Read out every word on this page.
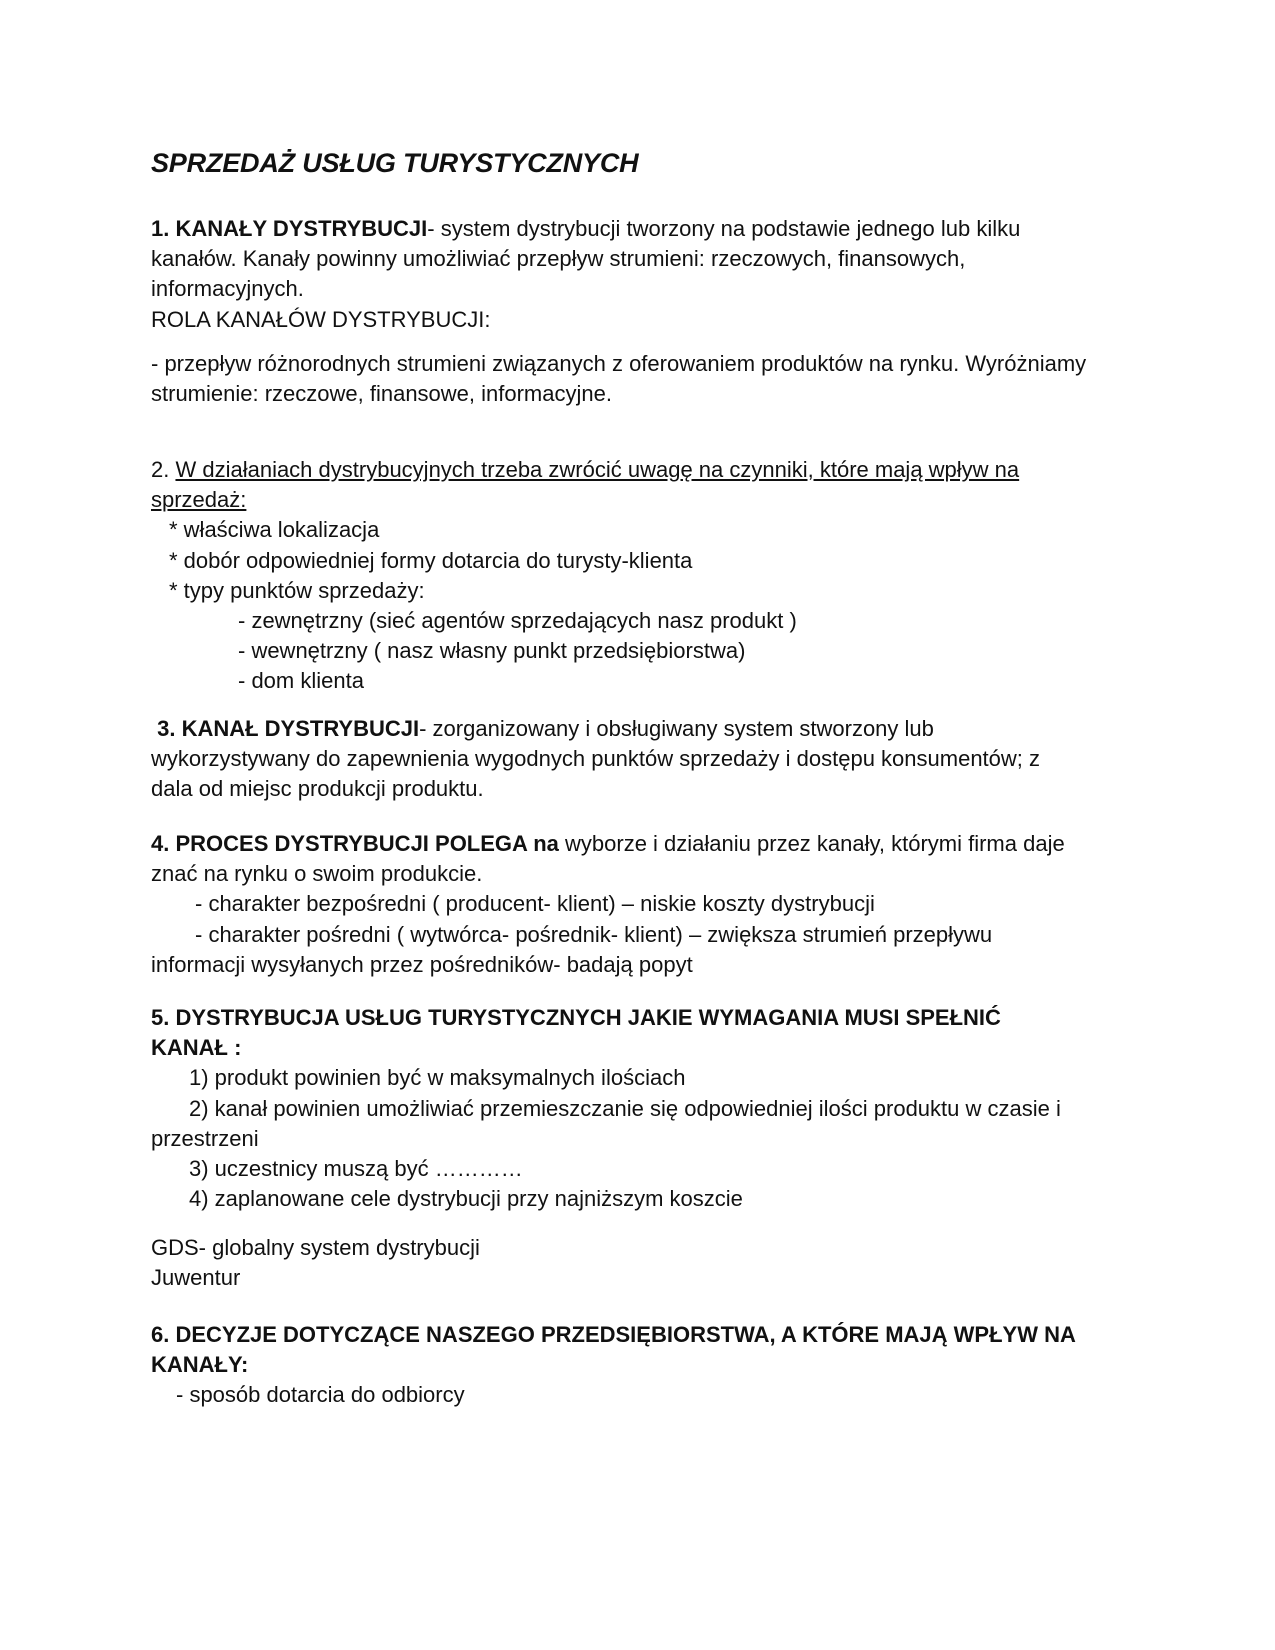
SPRZEDAŻ USŁUG TURYSTYCZNYCH
1. KANAŁY DYSTRYBUCJI- system dystrybucji tworzony na podstawie jednego lub kilku
kanałów. Kanały powinny umożliwiać przepływ strumieni: rzeczowych, finansowych,
informacyjnych.
ROLA KANAŁÓW DYSTRYBUCJI:
- przepływ różnorodnych strumieni związanych z oferowaniem produktów na rynku. Wyróżniamy
strumienie: rzeczowe, finansowe, informacyjne.
2. W działaniach dystrybucyjnych trzeba zwrócić uwagę na czynniki, które mają wpływ na
sprzedaż:
* właściwa lokalizacja
* dobór odpowiedniej formy dotarcia do turysty-klienta
* typy punktów sprzedaży:
- zewnętrzny (sieć agentów sprzedających nasz produkt )
- wewnętrzny ( nasz własny punkt przedsiębiorstwa)
- dom klienta
3. KANAŁ DYSTRYBUCJI- zorganizowany i obsługiwany system stworzony lub
wykorzystywany do zapewnienia wygodnych punktów sprzedaży i dostępu konsumentów; z
dala od miejsc produkcji produktu.
4. PROCES DYSTRYBUCJI POLEGA na wyborze i działaniu przez kanały, którymi firma daje
znać na rynku o swoim produkcie.
- charakter bezpośredni ( producent- klient) – niskie koszty dystrybucji
- charakter pośredni ( wytwórca- pośrednik- klient) – zwiększa strumień przepływu
informacji wysyłanych przez pośredników- badają popyt
5. DYSTRYBUCJA USŁUG TURYSTYCZNYCH JAKIE WYMAGANIA MUSI SPEŁNIĆ
KANAŁ :
1) produkt powinien być w maksymalnych ilościach
2) kanał powinien umożliwiać przemieszczanie się odpowiedniej ilości produktu w czasie i
przestrzeni
3) uczestnicy muszą być …………
4) zaplanowane cele dystrybucji przy najniższym koszcie
GDS- globalny system dystrybucji
Juwentur
6. DECYZJE DOTYCZĄCE NASZEGO PRZEDSIĘBIORSTWA, A KTÓRE MAJĄ WPŁYW NA
KANAŁY:
- sposób dotarcia do odbiorcy
